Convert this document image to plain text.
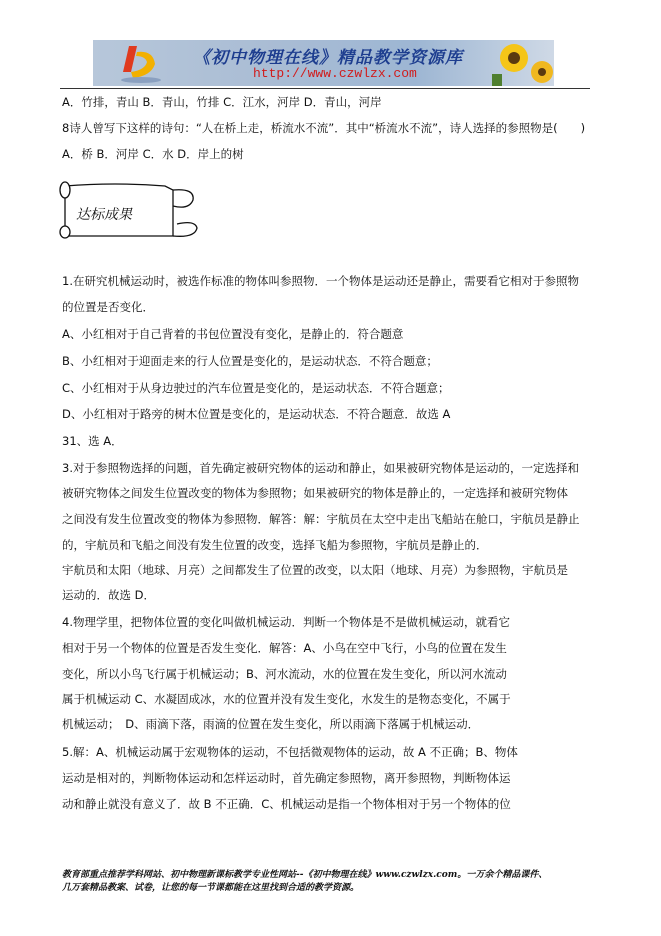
《初中物理在线》精品教学资源库
http://www.czwlzx.com
A．竹排，青山 B．青山，竹排 C．江水，河岸 D．青山，河岸
8诗人曾写下这样的诗句：“人在桥上走，桥流水不流”．其中“桥流水不流”，诗人选择的参照物是(　　)
A．桥 B．河岸 C．水 D．岸上的树
达标成果
1.在研究机械运动时，被选作标准的物体叫参照物．一个物体是运动还是静止，需要看它相对于参照物
的位置是否变化．
A、小红相对于自己背着的书包位置没有变化，是静止的．符合题意
B、小红相对于迎面走来的行人位置是变化的，是运动状态．不符合题意；
C、小红相对于从身边驶过的汽车位置是变化的，是运动状态．不符合题意；
D、小红相对于路旁的树木位置是变化的，是运动状态．不符合题意．故选 A
31、选 A．
3.对于参照物选择的问题，首先确定被研究物体的运动和静止，如果被研究物体是运动的，一定选择和
被研究物体之间发生位置改变的物体为参照物；如果被研究的物体是静止的，一定选择和被研究物体
之间没有发生位置改变的物体为参照物．解答：解：宇航员在太空中走出飞船站在舱口，宇航员是静止
的，宇航员和飞船之间没有发生位置的改变，选择飞船为参照物，宇航员是静止的．
宇航员和太阳（地球、月亮）之间都发生了位置的改变，以太阳（地球、月亮）为参照物，宇航员是
运动的．故选 D．
4.物理学里，把物体位置的变化叫做机械运动．判断一个物体是不是做机械运动，就看它
相对于另一个物体的位置是否发生变化．解答：A、小鸟在空中飞行，小鸟的位置在发生
变化，所以小鸟飞行属于机械运动；B、河水流动，水的位置在发生变化，所以河水流动
属于机械运动 C、水凝固成冰，水的位置并没有发生变化，水发生的是物态变化，不属于
机械运动；　D、雨滴下落，雨滴的位置在发生变化，所以雨滴下落属于机械运动．
5.解：A、机械运动属于宏观物体的运动，不包括微观物体的运动，故 A 不正确；B、物体
运动是相对的，判断物体运动和怎样运动时，首先确定参照物，离开参照物，判断物体运
动和静止就没有意义了．故 B 不正确．C、机械运动是指一个物体相对于另一个物体的位
教育部重点推荐学科网站、初中物理新课标教学专业性网站--《初中物理在线》www.czwlzx.com。一万余个精品课件、
几万套精品教案、试卷，让您的每一节课都能在这里找到合适的教学资源。
